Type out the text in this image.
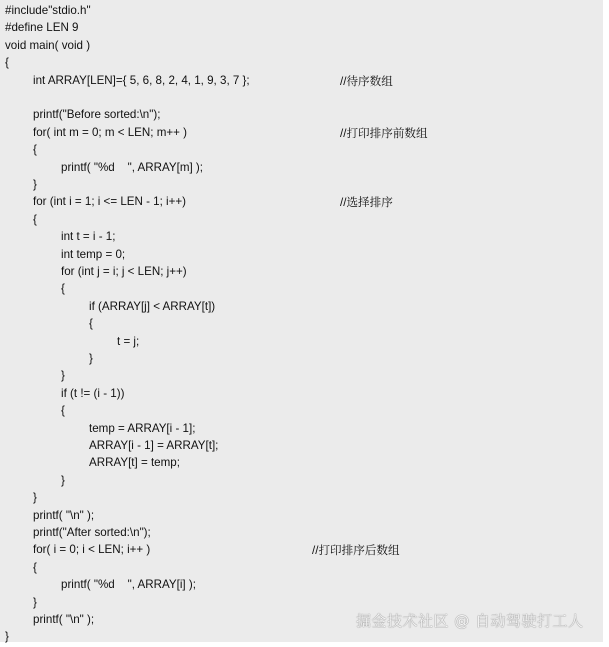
#include"stdio.h"
#define LEN 9
void main( void )
{
int ARRAY[LEN]={ 5, 6, 8, 2, 4, 1, 9, 3, 7 };	//待序数组
printf("Before sorted:\n");
for( int m = 0; m < LEN; m++ )	//打印排序前数组
{
printf( "%d    ", ARRAY[m] );
}
for (int i = 1; i <= LEN - 1; i++)	//选择排序
{
int t = i - 1;
int temp = 0;
for (int j = i; j < LEN; j++)
{
if (ARRAY[j] < ARRAY[t])
{
t = j;
}
}
if (t != (i - 1))
{
temp = ARRAY[i - 1];
ARRAY[i - 1] = ARRAY[t];
ARRAY[t] = temp;
}
}
printf( "\n" );
printf("After sorted:\n");
for( i = 0; i < LEN; i++ )	//打印排序后数组
{
printf( "%d    ", ARRAY[i] );
}
printf( "\n" );
}
掘金技术社区 @ 自动驾驶打工人
